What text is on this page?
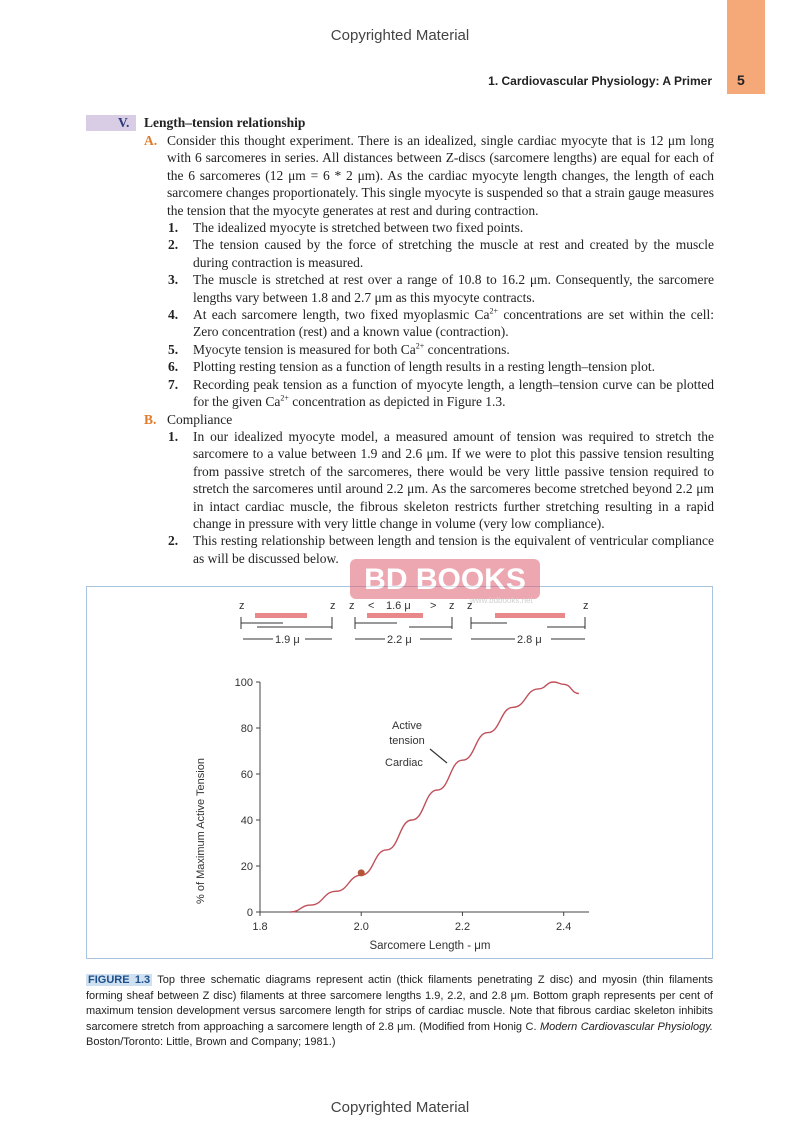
Copyrighted Material
5
1. Cardiovascular Physiology: A Primer
V. Length–tension relationship
A. Consider this thought experiment. There is an idealized, single cardiac myocyte that is 12 μm long with 6 sarcomeres in series. All distances between Z-discs (sarcomere lengths) are equal for each of the 6 sarcomeres (12 μm = 6 * 2 μm). As the cardiac myocyte length changes, the length of each sarcomere changes proportionately. This single myocyte is suspended so that a strain gauge measures the tension that the myocyte generates at rest and during contraction.
1. The idealized myocyte is stretched between two fixed points.
2. The tension caused by the force of stretching the muscle at rest and created by the muscle during contraction is measured.
3. The muscle is stretched at rest over a range of 10.8 to 16.2 μm. Consequently, the sarcomere lengths vary between 1.8 and 2.7 μm as this myocyte contracts.
4. At each sarcomere length, two fixed myoplasmic $Ca^{2+}$ concentrations are set within the cell: Zero concentration (rest) and a known value (contraction).
5. Myocyte tension is measured for both $Ca^{2+}$ concentrations.
6. Plotting resting tension as a function of length results in a resting length–tension plot.
7. Recording peak tension as a function of myocyte length, a length–tension curve can be plotted for the given $Ca^{2+}$ concentration as depicted in Figure 1.3.
B. Compliance
1. In our idealized myocyte model, a measured amount of tension was required to stretch the sarcomere to a value between 1.9 and 2.6 μm. If we were to plot this passive tension resulting from passive stretch of the sarcomeres, there would be very little passive tension required to stretch the sarcomeres until around 2.2 μm. As the sarcomeres become stretched beyond 2.2 μm in intact cardiac muscle, the fibrous skeleton restricts further stretching resulting in a rapid change in pressure with very little change in volume (very low compliance).
2. This resting relationship between length and tension is the equivalent of ventricular compliance as will be discussed below.
z	z z < 1.6 μ > z z	z
1.9 μ	2.2 μ	2.8 μ
% of Maximum Active Tension
Sarcomere Length - μm
Active
tension
Cardiac
0
20
40
60
80
100
1.8	2.0	2.2	2.4
BD BOOKS
www.bdbooks.net
FIGURE 1.3 Top three schematic diagrams represent actin (thick filaments penetrating Z disc) and myosin (thin filaments forming sheaf between Z disc) filaments at three sarcomere lengths 1.9, 2.2, and 2.8 μm. Bottom graph represents per cent of maximum tension development versus sarcomere length for strips of cardiac muscle. Note that fibrous cardiac skeleton inhibits sarcomere stretch from approaching a sarcomere length of 2.8 μm. (Modified from Honig C. Modern Cardiovascular Physiology. Boston/Toronto: Little, Brown and Company; 1981.)
Copyrighted Material
